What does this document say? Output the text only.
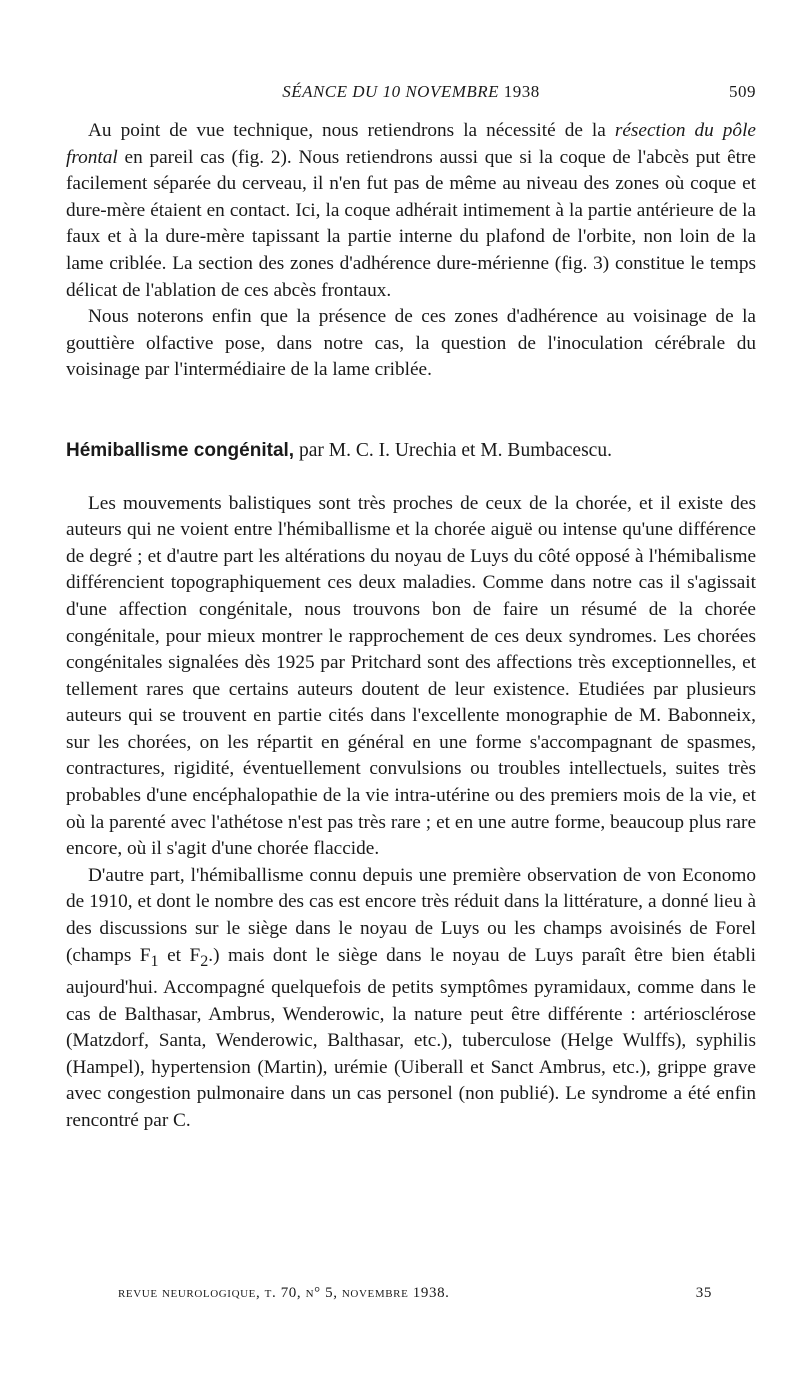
SÉANCE DU 10 NOVEMBRE 1938	509

Au point de vue technique, nous retiendrons la nécessité de la résection du pôle frontal en pareil cas (fig. 2). Nous retiendrons aussi que si la coque de l'abcès put être facilement séparée du cerveau, il n'en fut pas de même au niveau des zones où coque et dure-mère étaient en contact. Ici, la coque adhérait intimement à la partie antérieure de la faux et à la dure-mère tapissant la partie interne du plafond de l'orbite, non loin de la lame criblée. La section des zones d'adhérence dure-mérienne (fig. 3) constitue le temps délicat de l'ablation de ces abcès frontaux.

Nous noterons enfin que la présence de ces zones d'adhérence au voisinage de la gouttière olfactive pose, dans notre cas, la question de l'inoculation cérébrale du voisinage par l'intermédiaire de la lame criblée.

Hémiballisme congénital, par M. C. I. Urechia et M. Bumbacescu.

Les mouvements balistiques sont très proches de ceux de la chorée, et il existe des auteurs qui ne voient entre l'hémiballisme et la chorée aiguë ou intense qu'une différence de degré ; et d'autre part les altérations du noyau de Luys du côté opposé à l'hémibalisme différencient topographiquement ces deux maladies. Comme dans notre cas il s'agissait d'une affection congénitale, nous trouvons bon de faire un résumé de la chorée congénitale, pour mieux montrer le rapprochement de ces deux syndromes. Les chorées congénitales signalées dès 1925 par Pritchard sont des affections très exceptionnelles, et tellement rares que certains auteurs doutent de leur existence. Etudiées par plusieurs auteurs qui se trouvent en partie cités dans l'excellente monographie de M. Babonneix, sur les chorées, on les répartit en général en une forme s'accompagnant de spasmes, contractures, rigidité, éventuellement convulsions ou troubles intellectuels, suites très probables d'une encéphalopathie de la vie intra-utérine ou des premiers mois de la vie, et où la parenté avec l'athétose n'est pas très rare ; et en une autre forme, beaucoup plus rare encore, où il s'agit d'une chorée flaccide.

D'autre part, l'hémiballisme connu depuis une première observation de von Economo de 1910, et dont le nombre des cas est encore très réduit dans la littérature, a donné lieu à des discussions sur le siège dans le noyau de Luys ou les champs avoisinés de Forel (champs $F_1$ et $F_2$.) mais dont le siège dans le noyau de Luys paraît être bien établi aujourd'hui. Accompagné quelquefois de petits symptômes pyramidaux, comme dans le cas de Balthasar, Ambrus, Wenderowic, la nature peut être différente : artériosclérose (Matzdorf, Santa, Wenderowic, Balthasar, etc.), tuberculose (Helge Wulffs), syphilis (Hampel), hypertension (Martin), urémie (Uiberall et Sanct Ambrus, etc.), grippe grave avec congestion pulmonaire dans un cas personel (non publié). Le syndrome a été enfin rencontré par C.

revue neurologique, t. 70, n° 5, novembre 1938.	35
